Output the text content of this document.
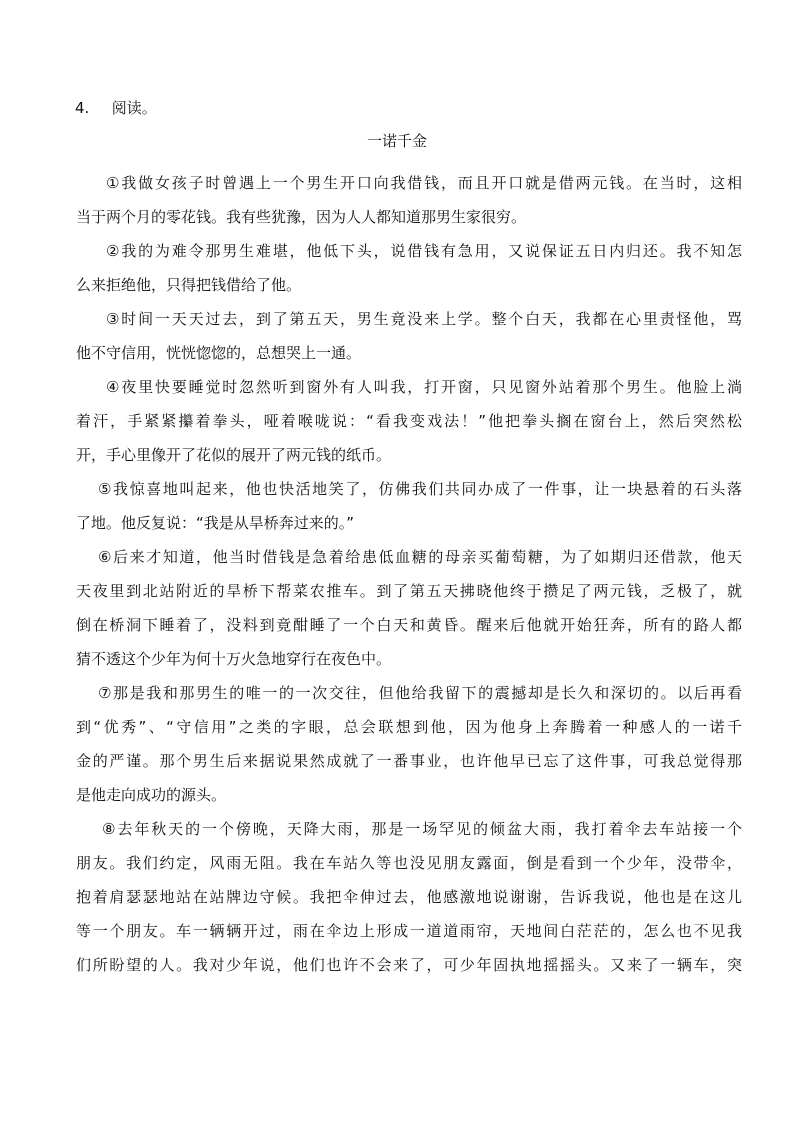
4. 阅读。
一诺千金
①我做女孩子时曾遇上一个男生开口向我借钱，而且开口就是借两元钱。在当时，这相
当于两个月的零花钱。我有些犹豫，因为人人都知道那男生家很穷。
②我的为难令那男生难堪，他低下头，说借钱有急用，又说保证五日内归还。我不知怎
么来拒绝他，只得把钱借给了他。
③时间一天天过去，到了第五天，男生竟没来上学。整个白天，我都在心里责怪他，骂
他不守信用，恍恍惚惚的，总想哭上一通。
④夜里快要睡觉时忽然听到窗外有人叫我，打开窗，只见窗外站着那个男生。他脸上淌
着汗，手紧紧攥着拳头，哑着喉咙说：“看我变戏法！”他把拳头搁在窗台上，然后突然松
开，手心里像开了花似的展开了两元钱的纸币。
⑤我惊喜地叫起来，他也快活地笑了，仿佛我们共同办成了一件事，让一块悬着的石头落
了地。他反复说：“我是从旱桥奔过来的。”
⑥后来才知道，他当时借钱是急着给患低血糖的母亲买葡萄糖，为了如期归还借款，他天
天夜里到北站附近的旱桥下帮菜农推车。到了第五天拂晓他终于攒足了两元钱，乏极了，就
倒在桥洞下睡着了，没料到竟酣睡了一个白天和黄昏。醒来后他就开始狂奔，所有的路人都
猜不透这个少年为何十万火急地穿行在夜色中。
⑦那是我和那男生的唯一的一次交往，但他给我留下的震撼却是长久和深切的。以后再看
到“优秀”、“守信用”之类的字眼，总会联想到他，因为他身上奔腾着一种感人的一诺千
金的严谨。那个男生后来据说果然成就了一番事业，也许他早已忘了这件事，可我总觉得那
是他走向成功的源头。
⑧去年秋天的一个傍晚，天降大雨，那是一场罕见的倾盆大雨，我打着伞去车站接一个
朋友。我们约定，风雨无阻。我在车站久等也没见朋友露面，倒是看到一个少年，没带伞，
抱着肩瑟瑟地站在站牌边守候。我把伞伸过去，他感激地说谢谢，告诉我说，他也是在这儿
等一个朋友。车一辆辆开过，雨在伞边上形成一道道雨帘，天地间白茫茫的，怎么也不见我
们所盼望的人。我对少年说，他们也许不会来了，可少年固执地摇摇头。又来了一辆车，突
